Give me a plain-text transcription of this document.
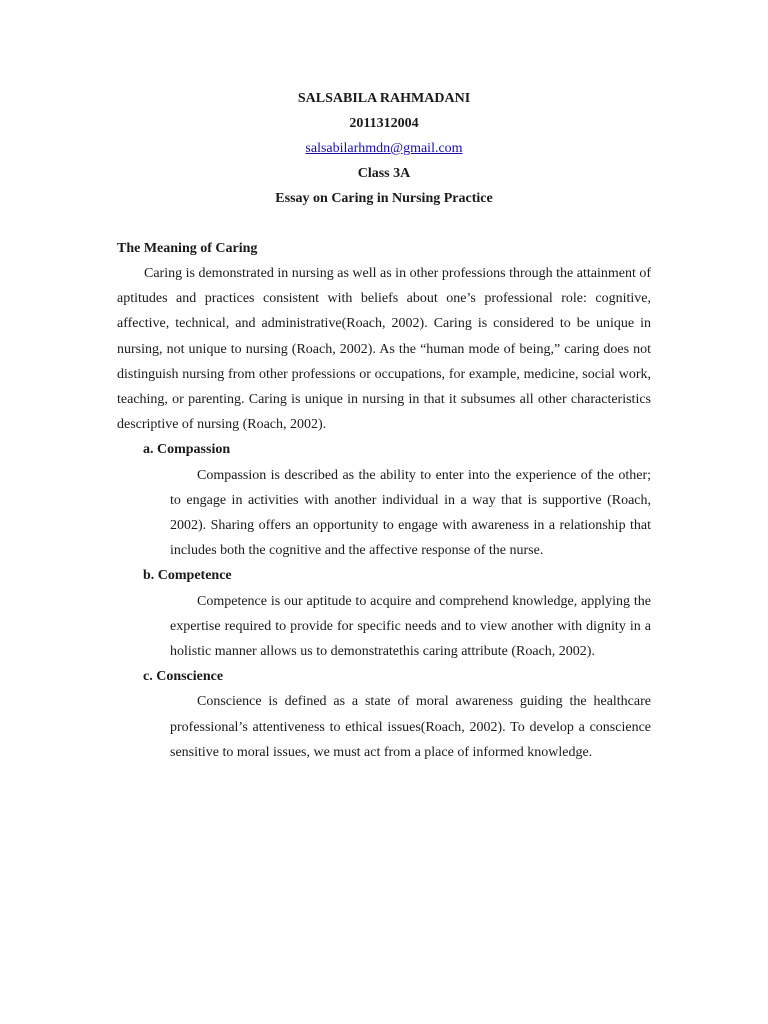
SALSABILA RAHMADANI
2011312004
salsabilarhmdn@gmail.com
Class 3A
Essay on Caring in Nursing Practice
The Meaning of Caring

Caring is demonstrated in nursing as well as in other professions through the attainment of aptitudes and practices consistent with beliefs about one’s professional role: cognitive, affective, technical, and administrative(Roach, 2002). Caring is considered to be unique in nursing, not unique to nursing (Roach, 2002). As the “human mode of being,” caring does not distinguish nursing from other professions or occupations, for example, medicine, social work, teaching, or parenting. Caring is unique in nursing in that it subsumes all other characteristics descriptive of nursing (Roach, 2002).

a. Compassion

Compassion is described as the ability to enter into the experience of the other; to engage in activities with another individual in a way that is supportive (Roach, 2002). Sharing offers an opportunity to engage with awareness in a relationship that includes both the cognitive and the affective response of the nurse.

b. Competence

Competence is our aptitude to acquire and comprehend knowledge, applying the expertise required to provide for specific needs and to view another with dignity in a holistic manner allows us to demonstratethis caring attribute (Roach, 2002).

c. Conscience

Conscience is defined as a state of moral awareness guiding the healthcare professional’s attentiveness to ethical issues(Roach, 2002). To develop a conscience sensitive to moral issues, we must act from a place of informed knowledge.
